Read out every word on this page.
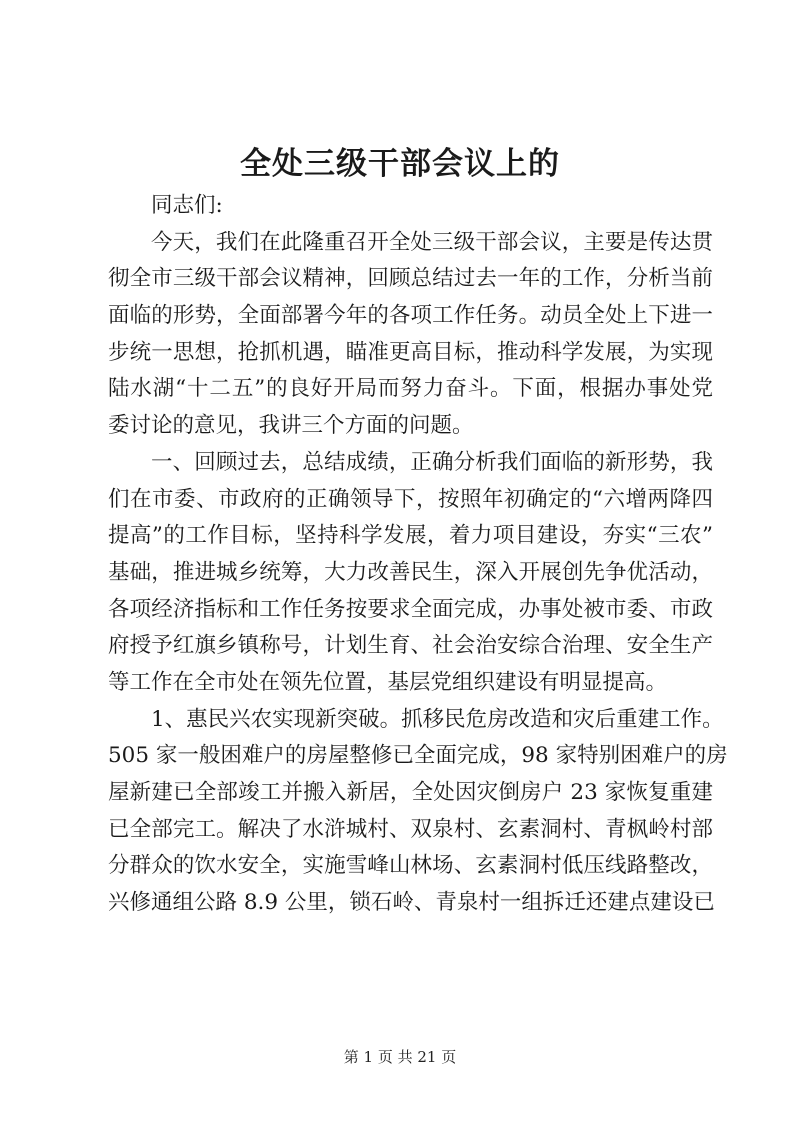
全处三级干部会议上的
同志们:
今天，我们在此隆重召开全处三级干部会议，主要是传达贯
彻全市三级干部会议精神，回顾总结过去一年的工作，分析当前
面临的形势，全面部署今年的各项工作任务。动员全处上下进一
步统一思想，抢抓机遇，瞄准更高目标，推动科学发展，为实现
陆水湖“十二五”的良好开局而努力奋斗。下面，根据办事处党
委讨论的意见，我讲三个方面的问题。
一、回顾过去，总结成绩，正确分析我们面临的新形势，我
们在市委、市政府的正确领导下，按照年初确定的“六增两降四
提高”的工作目标，坚持科学发展，着力项目建设，夯实“三农”
基础，推进城乡统筹，大力改善民生，深入开展创先争优活动，
各项经济指标和工作任务按要求全面完成，办事处被市委、市政
府授予红旗乡镇称号，计划生育、社会治安综合治理、安全生产
等工作在全市处在领先位置，基层党组织建设有明显提高。
1、惠民兴农实现新突破。抓移民危房改造和灾后重建工作。
505 家一般困难户的房屋整修已全面完成，98 家特别困难户的房
屋新建已全部竣工并搬入新居，全处因灾倒房户 23 家恢复重建
已全部完工。解决了水浒城村、双泉村、玄素洞村、青枫岭村部
分群众的饮水安全，实施雪峰山林场、玄素洞村低压线路整改，
兴修通组公路 8.9 公里，锁石岭、青泉村一组拆迁还建点建设已
第 1 页 共 21 页
